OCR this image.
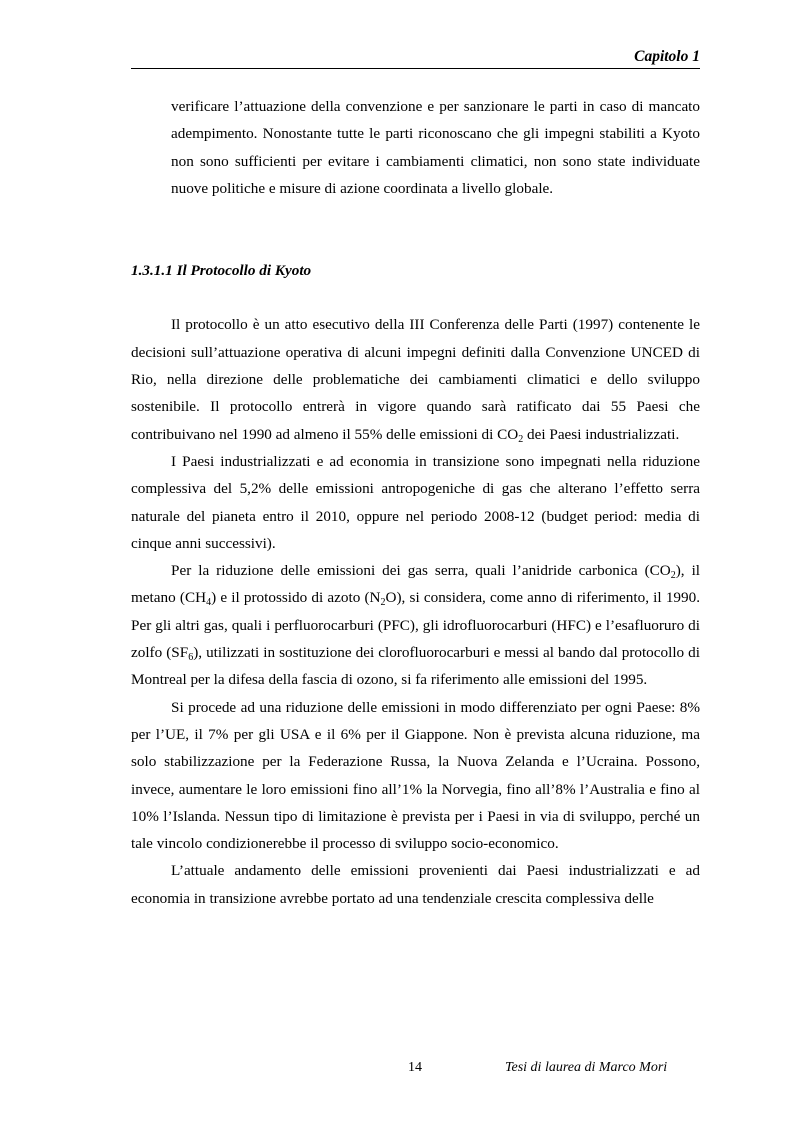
Capitolo 1

verificare l’attuazione della convenzione e per sanzionare le parti in caso di mancato adempimento. Nonostante tutte le parti riconoscano che gli impegni stabiliti a Kyoto non sono sufficienti per evitare i cambiamenti climatici, non sono state individuate nuove politiche e misure di azione coordinata a livello globale.

1.3.1.1 Il Protocollo di Kyoto

Il protocollo è un atto esecutivo della III Conferenza delle Parti (1997) contenente le decisioni sull’attuazione operativa di alcuni impegni definiti dalla Convenzione UNCED di Rio, nella direzione delle problematiche dei cambiamenti climatici e dello sviluppo sostenibile. Il protocollo entrerà in vigore quando sarà ratificato dai 55 Paesi che contribuivano nel 1990 ad almeno il 55% delle emissioni di $CO_2$ dei Paesi industrializzati.

I Paesi industrializzati e ad economia in transizione sono impegnati nella riduzione complessiva del 5,2% delle emissioni antropogeniche di gas che alterano l’effetto serra naturale del pianeta entro il 2010, oppure nel periodo 2008-12 (budget period: media di cinque anni successivi).

Per la riduzione delle emissioni dei gas serra, quali l’anidride carbonica $(CO_2)$, il metano $(CH_4)$ e il protossido di azoto $(N_2O)$, si considera, come anno di riferimento, il 1990. Per gli altri gas, quali i perfluorocarburi (PFC), gli idrofluorocarburi (HFC) e l’esafluoruro di zolfo $(SF_6)$, utilizzati in sostituzione dei clorofluorocarburi e messi al bando dal protocollo di Montreal per la difesa della fascia di ozono, si fa riferimento alle emissioni del 1995.

Si procede ad una riduzione delle emissioni in modo differenziato per ogni Paese: 8% per l’UE, il 7% per gli USA e il 6% per il Giappone. Non è prevista alcuna riduzione, ma solo stabilizzazione per la Federazione Russa, la Nuova Zelanda e l’Ucraina. Possono, invece, aumentare le loro emissioni fino all’1% la Norvegia, fino all’8% l’Australia e fino al 10% l’Islanda. Nessun tipo di limitazione è prevista per i Paesi in via di sviluppo, perché un tale vincolo condizionerebbe il processo di sviluppo socio-economico.

L’attuale andamento delle emissioni provenienti dai Paesi industrializzati e ad economia in transizione avrebbe portato ad una tendenziale crescita complessiva delle

14	Tesi di laurea di Marco Mori
